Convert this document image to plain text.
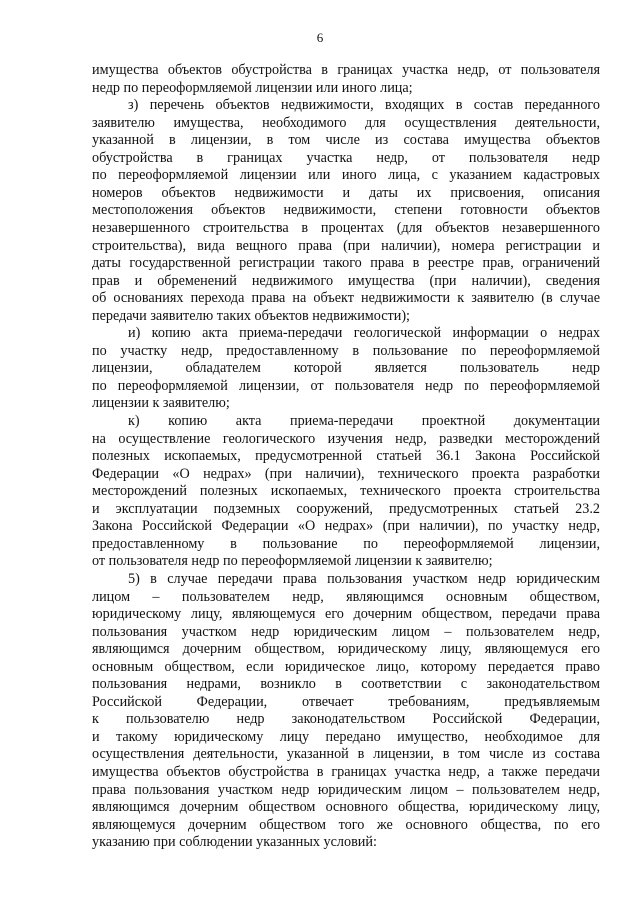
6
имущества объектов обустройства в границах участка недр, от пользователя
недр по переоформляемой лицензии или иного лица;
з) перечень объектов недвижимости, входящих в состав переданного
заявителю имущества, необходимого для осуществления деятельности,
указанной в лицензии, в том числе из состава имущества объектов
обустройства в границах участка недр, от пользователя недр
по переоформляемой лицензии или иного лица, с указанием кадастровых
номеров объектов недвижимости и даты их присвоения, описания
местоположения объектов недвижимости, степени готовности объектов
незавершенного строительства в процентах (для объектов незавершенного
строительства), вида вещного права (при наличии), номера регистрации и
даты государственной регистрации такого права в реестре прав, ограничений
прав и обременений недвижимого имущества (при наличии), сведения
об основаниях перехода права на объект недвижимости к заявителю (в случае
передачи заявителю таких объектов недвижимости);
и) копию акта приема-передачи геологической информации о недрах
по участку недр, предоставленному в пользование по переоформляемой
лицензии, обладателем которой является пользователь недр
по переоформляемой лицензии, от пользователя недр по переоформляемой
лицензии к заявителю;
к) копию акта приема-передачи проектной документации
на осуществление геологического изучения недр, разведки месторождений
полезных ископаемых, предусмотренной статьей 36.1 Закона Российской
Федерации «О недрах» (при наличии), технического проекта разработки
месторождений полезных ископаемых, технического проекта строительства
и эксплуатации подземных сооружений, предусмотренных статьей 23.2
Закона Российской Федерации «О недрах» (при наличии), по участку недр,
предоставленному в пользование по переоформляемой лицензии,
от пользователя недр по переоформляемой лицензии к заявителю;
5) в случае передачи права пользования участком недр юридическим
лицом – пользователем недр, являющимся основным обществом,
юридическому лицу, являющемуся его дочерним обществом, передачи права
пользования участком недр юридическим лицом – пользователем недр,
являющимся дочерним обществом, юридическому лицу, являющемуся его
основным обществом, если юридическое лицо, которому передается право
пользования недрами, возникло в соответствии с законодательством
Российской Федерации, отвечает требованиям, предъявляемым
к пользователю недр законодательством Российской Федерации,
и такому юридическому лицу передано имущество, необходимое для
осуществления деятельности, указанной в лицензии, в том числе из состава
имущества объектов обустройства в границах участка недр, а также передачи
права пользования участком недр юридическим лицом – пользователем недр,
являющимся дочерним обществом основного общества, юридическому лицу,
являющемуся дочерним обществом того же основного общества, по его
указанию при соблюдении указанных условий:
